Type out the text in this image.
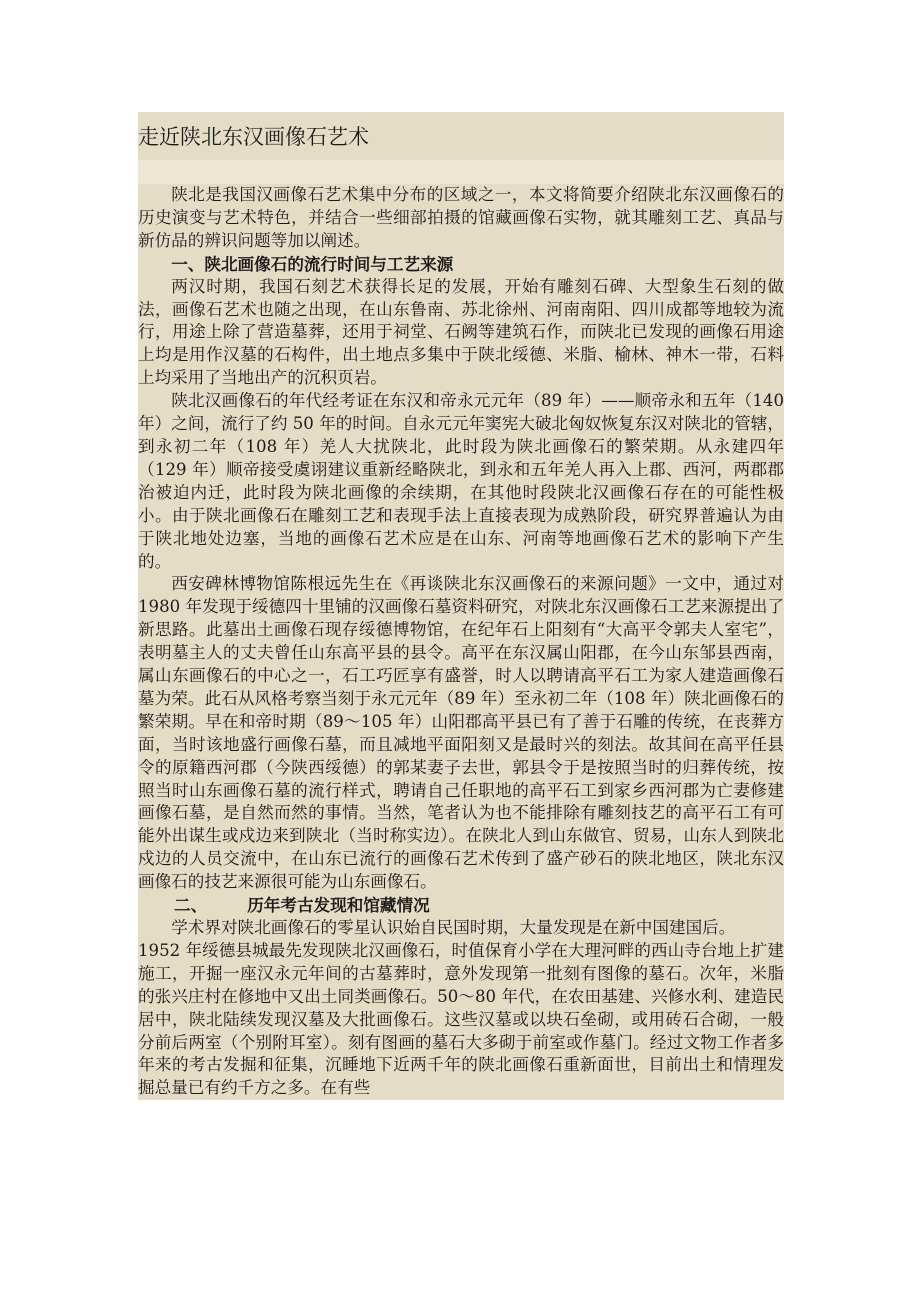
走近陕北东汉画像石艺术

陕北是我国汉画像石艺术集中分布的区域之一，本文将简要介绍陕北东汉画像石的历史演变与艺术特色，并结合一些细部拍摄的馆藏画像石实物，就其雕刻工艺、真品与新仿品的辨识问题等加以阐述。

一、陕北画像石的流行时间与工艺来源

两汉时期，我国石刻艺术获得长足的发展，开始有雕刻石碑、大型象生石刻的做法，画像石艺术也随之出现，在山东鲁南、苏北徐州、河南南阳、四川成都等地较为流行，用途上除了营造墓葬，还用于祠堂、石阙等建筑石作，而陕北已发现的画像石用途上均是用作汉墓的石构件，出土地点多集中于陕北绥德、米脂、榆林、神木一带，石料上均采用了当地出产的沉积页岩。

陕北汉画像石的年代经考证在东汉和帝永元元年（89 年）——顺帝永和五年（140 年）之间，流行了约 50 年的时间。自永元元年窦宪大破北匈奴恢复东汉对陕北的管辖，到永初二年（108 年）羌人大扰陕北，此时段为陕北画像石的繁荣期。从永建四年（129 年）顺帝接受虞诩建议重新经略陕北，到永和五年羌人再入上郡、西河，两郡郡治被迫内迁，此时段为陕北画像的余续期，在其他时段陕北汉画像石存在的可能性极小。由于陕北画像石在雕刻工艺和表现手法上直接表现为成熟阶段，研究界普遍认为由于陕北地处边塞，当地的画像石艺术应是在山东、河南等地画像石艺术的影响下产生的。

西安碑林博物馆陈根远先生在《再谈陕北东汉画像石的来源问题》一文中，通过对 1980 年发现于绥德四十里铺的汉画像石墓资料研究，对陕北东汉画像石工艺来源提出了新思路。此墓出土画像石现存绥德博物馆，在纪年石上阳刻有“大高平令郭夫人室宅”，表明墓主人的丈夫曾任山东高平县的县令。高平在东汉属山阳郡，在今山东邹县西南，属山东画像石的中心之一，石工巧匠享有盛誉，时人以聘请高平石工为家人建造画像石墓为荣。此石从风格考察当刻于永元元年（89 年）至永初二年（108 年）陕北画像石的繁荣期。早在和帝时期（89～105 年）山阳郡高平县已有了善于石雕的传统，在丧葬方面，当时该地盛行画像石墓，而且减地平面阳刻又是最时兴的刻法。故其间在高平任县令的原籍西河郡（今陕西绥德）的郭某妻子去世，郭县令于是按照当时的归葬传统，按照当时山东画像石墓的流行样式，聘请自己任职地的高平石工到家乡西河郡为亡妻修建画像石墓，是自然而然的事情。当然，笔者认为也不能排除有雕刻技艺的高平石工有可能外出谋生或戍边来到陕北（当时称实边）。在陕北人到山东做官、贸易，山东人到陕北戍边的人员交流中，在山东已流行的画像石艺术传到了盛产砂石的陕北地区，陕北东汉画像石的技艺来源很可能为山东画像石。

二、 历年考古发现和馆藏情况

学术界对陕北画像石的零星认识始自民国时期，大量发现是在新中国建国后。

1952 年绥德县城最先发现陕北汉画像石，时值保育小学在大理河畔的西山寺台地上扩建施工，开掘一座汉永元年间的古墓葬时，意外发现第一批刻有图像的墓石。次年，米脂的张兴庄村在修地中又出土同类画像石。50～80 年代，在农田基建、兴修水利、建造民居中，陕北陆续发现汉墓及大批画像石。这些汉墓或以块石垒砌，或用砖石合砌，一般分前后两室（个别附耳室）。刻有图画的墓石大多砌于前室或作墓门。经过文物工作者多年来的考古发掘和征集，沉睡地下近两千年的陕北画像石重新面世，目前出土和情理发掘总量已有约千方之多。在有些
